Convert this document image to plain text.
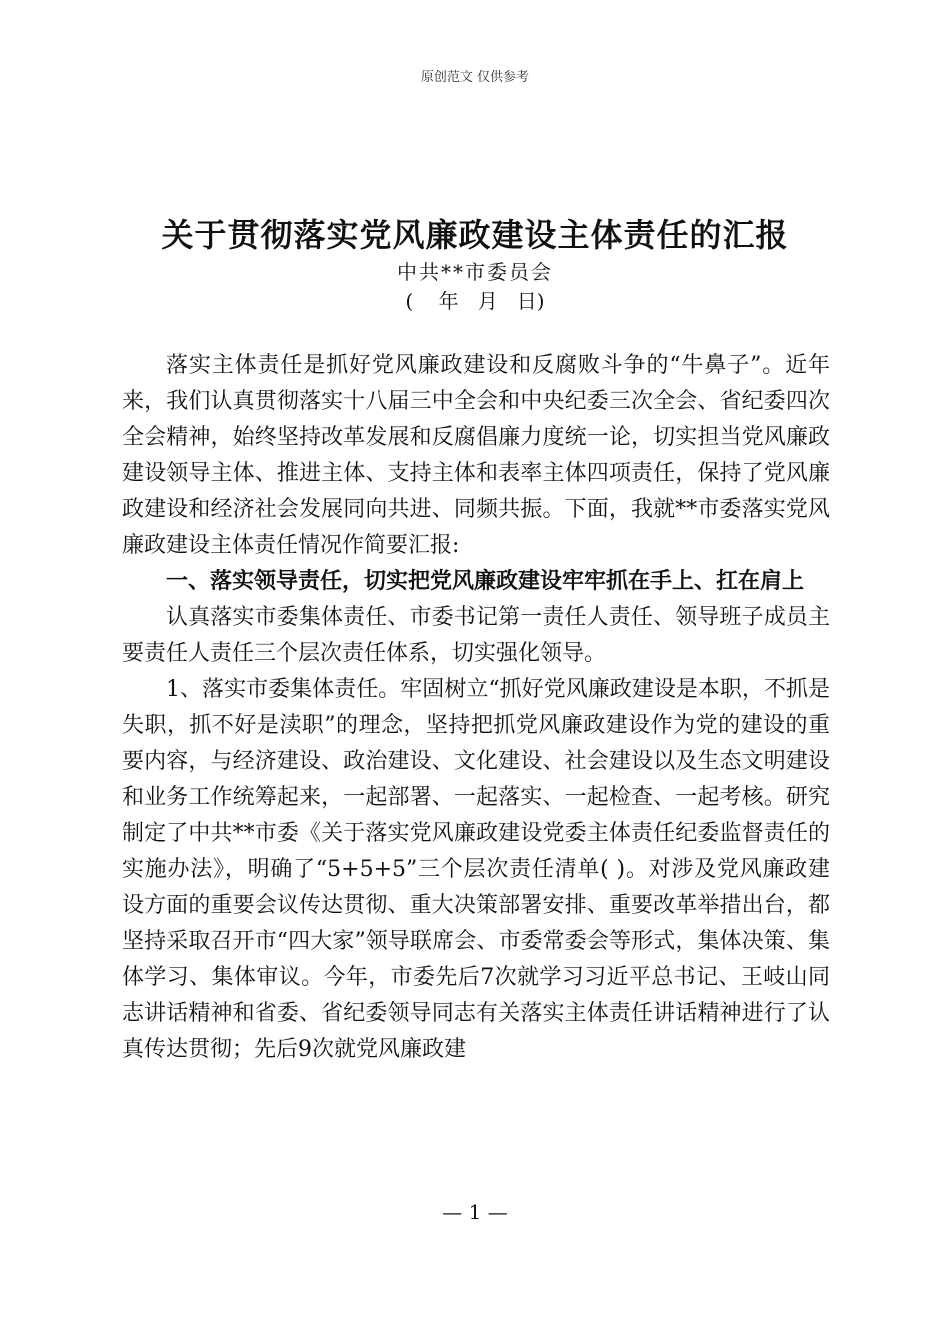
原创范文 仅供参考
关于贯彻落实党风廉政建设主体责任的汇报
中共**市委员会
(    年   月   日)

落实主体责任是抓好党风廉政建设和反腐败斗争的“牛鼻子”。近年来，我们认真贯彻落实十八届三中全会和中央纪委三次全会、省纪委四次全会精神，始终坚持改革发展和反腐倡廉力度统一论，切实担当党风廉政建设领导主体、推进主体、支持主体和表率主体四项责任，保持了党风廉政建设和经济社会发展同向共进、同频共振。下面，我就**市委落实党风廉政建设主体责任情况作简要汇报:

一、落实领导责任，切实把党风廉政建设牢牢抓在手上、扛在肩上

认真落实市委集体责任、市委书记第一责任人责任、领导班子成员主要责任人责任三个层次责任体系，切实强化领导。

1、落实市委集体责任。牢固树立“抓好党风廉政建设是本职，不抓是失职，抓不好是渎职”的理念，坚持把抓党风廉政建设作为党的建设的重要内容，与经济建设、政治建设、文化建设、社会建设以及生态文明建设和业务工作统筹起来，一起部署、一起落实、一起检查、一起考核。研究制定了中共**市委《关于落实党风廉政建设党委主体责任纪委监督责任的实施办法》，明确了“5+5+5”三个层次责任清单( )。对涉及党风廉政建设方面的重要会议传达贯彻、重大决策部署安排、重要改革举措出台，都坚持采取召开市“四大家”领导联席会、市委常委会等形式，集体决策、集体学习、集体审议。今年，市委先后7次就学习习近平总书记、王岐山同志讲话精神和省委、省纪委领导同志有关落实主体责任讲话精神进行了认真传达贯彻；先后9次就党风廉政建

— 1 —
